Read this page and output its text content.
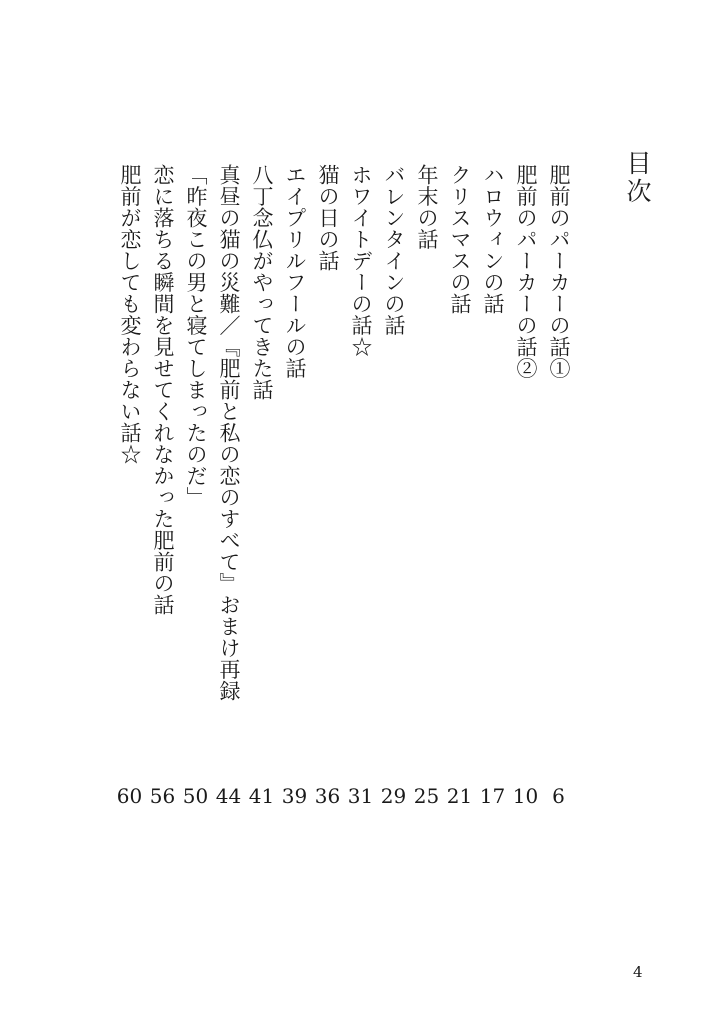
目次
肥前のパーカーの話①
6
肥前のパーカーの話②
10
ハロウィンの話
17
クリスマスの話
21
年末の話
25
バレンタインの話
29
ホワイトデーの話☆
31
猫の日の話
36
エイプリルフールの話
39
八丁念仏がやってきた話
41
真昼の猫の災難／『肥前と私の恋のすべて』おまけ再録
44
「昨夜この男と寝てしまったのだ」
50
恋に落ちる瞬間を見せてくれなかった肥前の話
56
肥前が恋しても変わらない話☆
60
4
